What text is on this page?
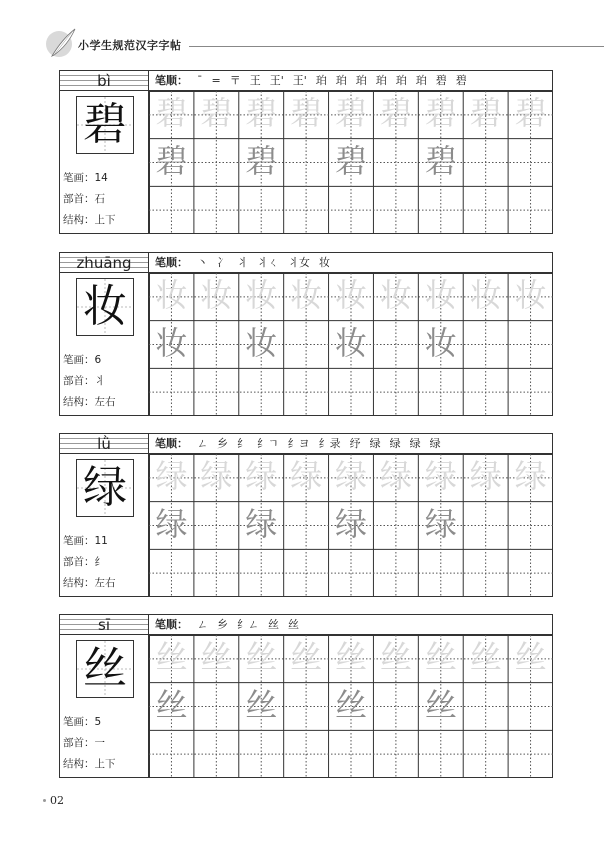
小学生规范汉字字帖
bì	笔顺： ˉ = 〒 王 王' 王' 珀 珀 珀 珀 珀 珀 碧 碧
碧
笔画：14
部首：石
结构：上下
碧 碧 碧 碧 碧 碧 碧 碧 碧
碧 碧 碧 碧
zhuāng	笔顺： 丶 冫 丬 丬ㄑ 丬女 妆
妆
笔画：6
部首：丬
结构：左右
妆 妆 妆 妆 妆 妆 妆 妆 妆
妆 妆 妆 妆
lǜ	笔顺： ㄥ 乡 纟 纟ㄱ 纟ヨ 纟录 纾 绿 绿 绿 绿
绿
笔画：11
部首：纟
结构：左右
绿 绿 绿 绿 绿 绿 绿 绿 绿
绿 绿 绿 绿
sī	笔顺： ㄥ 乡 纟ㄥ 丝 丝
丝
笔画：5
部首：一
结构：上下
丝 丝 丝 丝 丝 丝 丝 丝 丝
丝 丝 丝 丝
02
